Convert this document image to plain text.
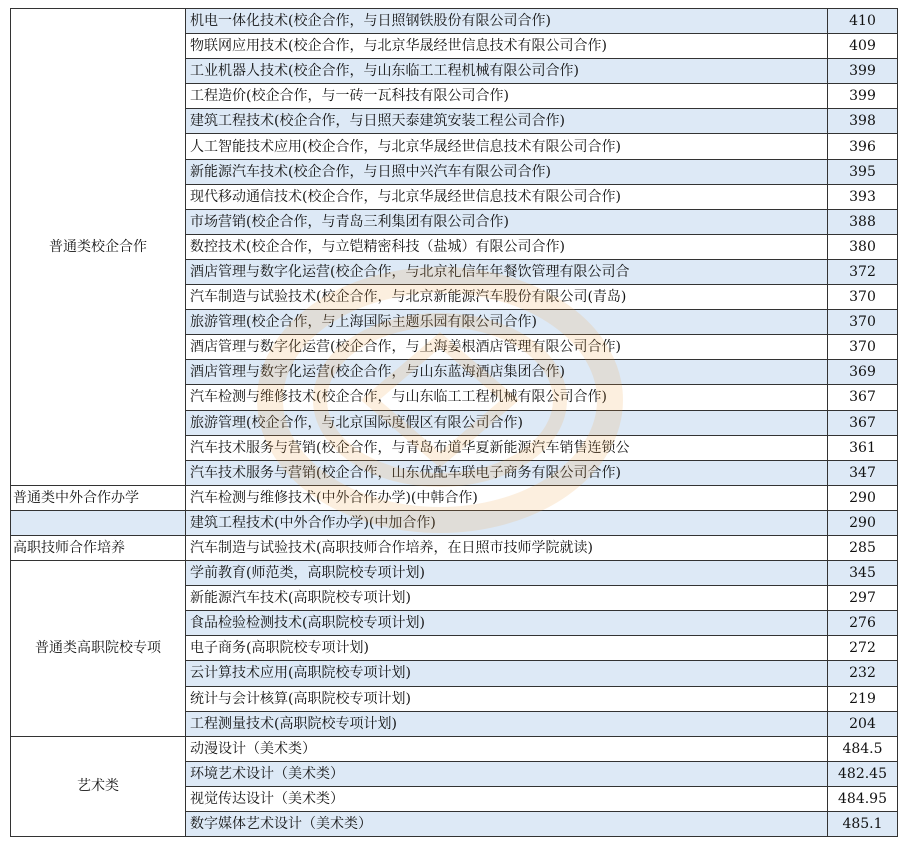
普通类校企合作	机电一体化技术(校企合作，与日照钢铁股份有限公司合作)	410
	物联网应用技术(校企合作，与北京华晟经世信息技术有限公司合作)	409
	工业机器人技术(校企合作，与山东临工工程机械有限公司合作)	399
	工程造价(校企合作，与一砖一瓦科技有限公司合作)	399
	建筑工程技术(校企合作，与日照天泰建筑安装工程公司合作)	398
	人工智能技术应用(校企合作，与北京华晟经世信息技术有限公司合作)	396
	新能源汽车技术(校企合作，与日照中兴汽车有限公司合作)	395
	现代移动通信技术(校企合作，与北京华晟经世信息技术有限公司合作)	393
	市场营销(校企合作，与青岛三利集团有限公司合作)	388
	数控技术(校企合作，与立铠精密科技（盐城）有限公司合作)	380
	酒店管理与数字化运营(校企合作，与北京礼信年年餐饮管理有限公司合	372
	汽车制造与试验技术(校企合作，与北京新能源汽车股份有限公司(青岛)	370
	旅游管理(校企合作，与上海国际主题乐园有限公司合作)	370
	酒店管理与数字化运营(校企合作，与上海姜根酒店管理有限公司合作)	370
	酒店管理与数字化运营(校企合作，与山东蓝海酒店集团合作)	369
	汽车检测与维修技术(校企合作，与山东临工工程机械有限公司合作)	367
	旅游管理(校企合作，与北京国际度假区有限公司合作)	367
	汽车技术服务与营销(校企合作，与青岛布道华夏新能源汽车销售连锁公	361
	汽车技术服务与营销(校企合作，山东优配车联电子商务有限公司合作)	347
普通类中外合作办学	汽车检测与维修技术(中外合作办学)(中韩合作)	290
	建筑工程技术(中外合作办学)(中加合作)	290
高职技师合作培养	汽车制造与试验技术(高职技师合作培养，在日照市技师学院就读)	285
普通类高职院校专项	学前教育(师范类，高职院校专项计划)	345
	新能源汽车技术(高职院校专项计划)	297
	食品检验检测技术(高职院校专项计划)	276
	电子商务(高职院校专项计划)	272
	云计算技术应用(高职院校专项计划)	232
	统计与会计核算(高职院校专项计划)	219
	工程测量技术(高职院校专项计划)	204
艺术类	动漫设计（美术类）	484.5
	环境艺术设计（美术类）	482.45
	视觉传达设计（美术类）	484.95
	数字媒体艺术设计（美术类）	485.1
